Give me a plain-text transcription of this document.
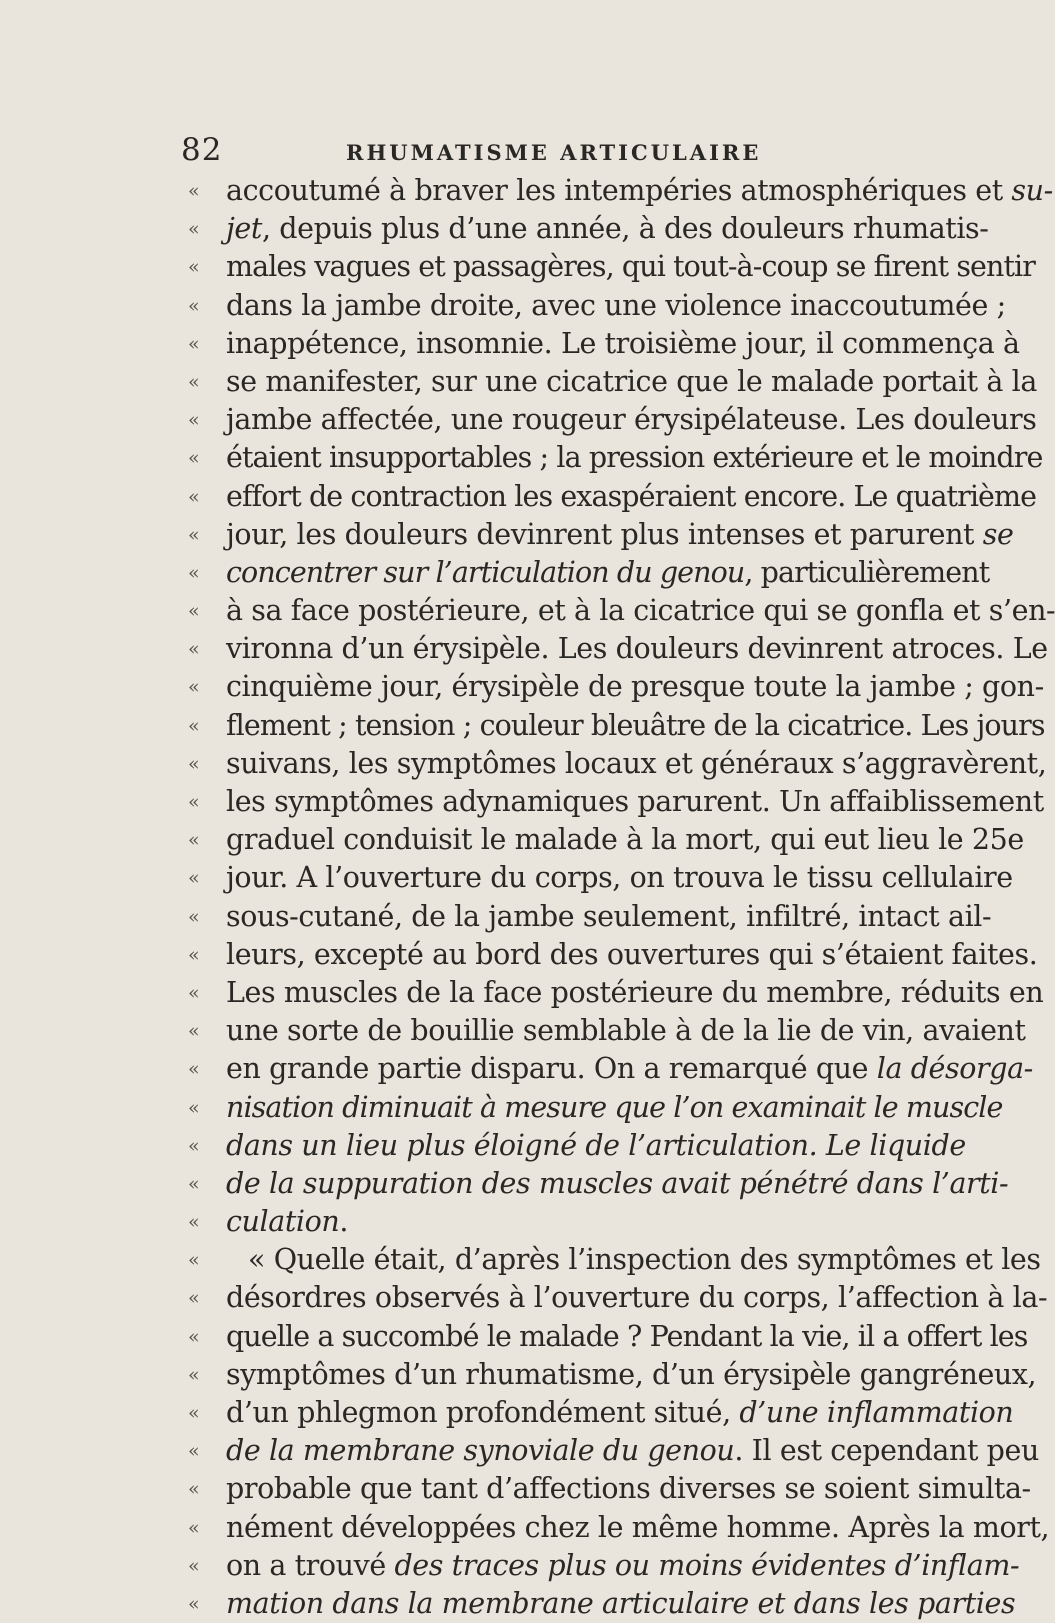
82	RHUMATISME ARTICULAIRE
« accoutumé à braver les intempéries atmosphériques et su-
« jet, depuis plus d’une année, à des douleurs rhumatis-
« males vagues et passagères, qui tout-à-coup se firent sentir
« dans la jambe droite, avec une violence inaccoutumée ;
« inappétence, insomnie. Le troisième jour, il commença à
« se manifester, sur une cicatrice que le malade portait à la
« jambe affectée, une rougeur érysipélateuse. Les douleurs
« étaient insupportables ; la pression extérieure et le moindre
« effort de contraction les exaspéraient encore. Le quatrième
« jour, les douleurs devinrent plus intenses et parurent se
« concentrer sur l’articulation du genou, particulièrement
« à sa face postérieure, et à la cicatrice qui se gonfla et s’en-
« vironna d’un érysipèle. Les douleurs devinrent atroces. Le
« cinquième jour, érysipèle de presque toute la jambe ; gon-
« flement ; tension ; couleur bleuâtre de la cicatrice. Les jours
« suivans, les symptômes locaux et généraux s’aggravèrent,
« les symptômes adynamiques parurent. Un affaiblissement
« graduel conduisit le malade à la mort, qui eut lieu le 25e
« jour. A l’ouverture du corps, on trouva le tissu cellulaire
« sous-cutané, de la jambe seulement, infiltré, intact ail-
« leurs, excepté au bord des ouvertures qui s’étaient faites.
« Les muscles de la face postérieure du membre, réduits en
« une sorte de bouillie semblable à de la lie de vin, avaient
« en grande partie disparu. On a remarqué que la désorga-
« nisation diminuait à mesure que l’on examinait le muscle
« dans un lieu plus éloigné de l’articulation. Le liquide
« de la suppuration des muscles avait pénétré dans l’arti-
« culation.
« « Quelle était, d’après l’inspection des symptômes et les
« désordres observés à l’ouverture du corps, l’affection à la-
« quelle a succombé le malade ? Pendant la vie, il a offert les
« symptômes d’un rhumatisme, d’un érysipèle gangréneux,
« d’un phlegmon profondément situé, d’une inflammation
« de la membrane synoviale du genou. Il est cependant peu
« probable que tant d’affections diverses se soient simulta-
« nément développées chez le même homme. Après la mort,
« on a trouvé des traces plus ou moins évidentes d’inflam-
« mation dans la membrane articulaire et dans les parties
